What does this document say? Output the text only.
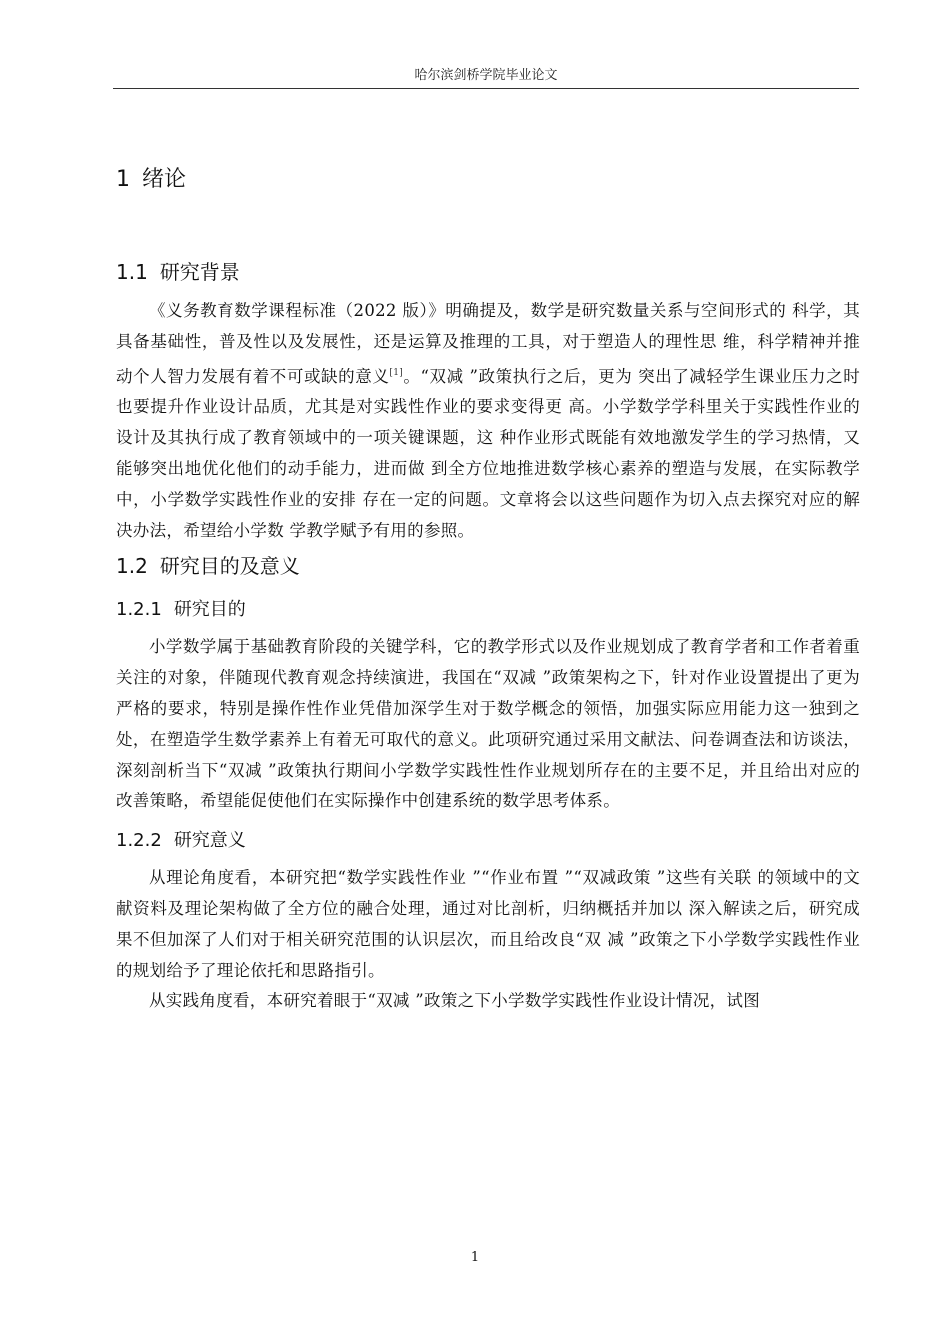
哈尔滨剑桥学院毕业论文
1 绪论
1.1 研究背景

《义务教育数学课程标准（2022 版）》明确提及，数学是研究数量关系与空间形式的 科学，其具备基础性，普及性以及发展性，还是运算及推理的工具，对于塑造人的理性思 维，科学精神并推动个人智力发展有着不可或缺的意义[1]。“双减 ”政策执行之后，更为 突出了减轻学生课业压力之时也要提升作业设计品质，尤其是对实践性作业的要求变得更 高。小学数学学科里关于实践性作业的设计及其执行成了教育领域中的一项关键课题，这 种作业形式既能有效地激发学生的学习热情，又能够突出地优化他们的动手能力，进而做 到全方位地推进数学核心素养的塑造与发展，在实际教学中，小学数学实践性作业的安排 存在一定的问题。文章将会以这些问题作为切入点去探究对应的解决办法，希望给小学数 学教学赋予有用的参照。

1.2 研究目的及意义
1.2.1 研究目的

小学数学属于基础教育阶段的关键学科，它的教学形式以及作业规划成了教育学者和工作者着重关注的对象，伴随现代教育观念持续演进，我国在“双减 ”政策架构之下，针对作业设置提出了更为严格的要求，特别是操作性作业凭借加深学生对于数学概念的领悟，加强实际应用能力这一独到之处，在塑造学生数学素养上有着无可取代的意义。此项研究通过采用文献法、问卷调查法和访谈法，深刻剖析当下“双减 ”政策执行期间小学数学实践性性作业规划所存在的主要不足，并且给出对应的改善策略，希望能促使他们在实际操作中创建系统的数学思考体系。

1.2.2 研究意义

从理论角度看，本研究把“数学实践性作业 ”“作业布置 ”“双减政策 ”这些有关联 的领域中的文献资料及理论架构做了全方位的融合处理，通过对比剖析，归纳概括并加以 深入解读之后，研究成果不但加深了人们对于相关研究范围的认识层次，而且给改良“双 减 ”政策之下小学数学实践性作业的规划给予了理论依托和思路指引。

从实践角度看，本研究着眼于“双减 ”政策之下小学数学实践性作业设计情况，试图

1
